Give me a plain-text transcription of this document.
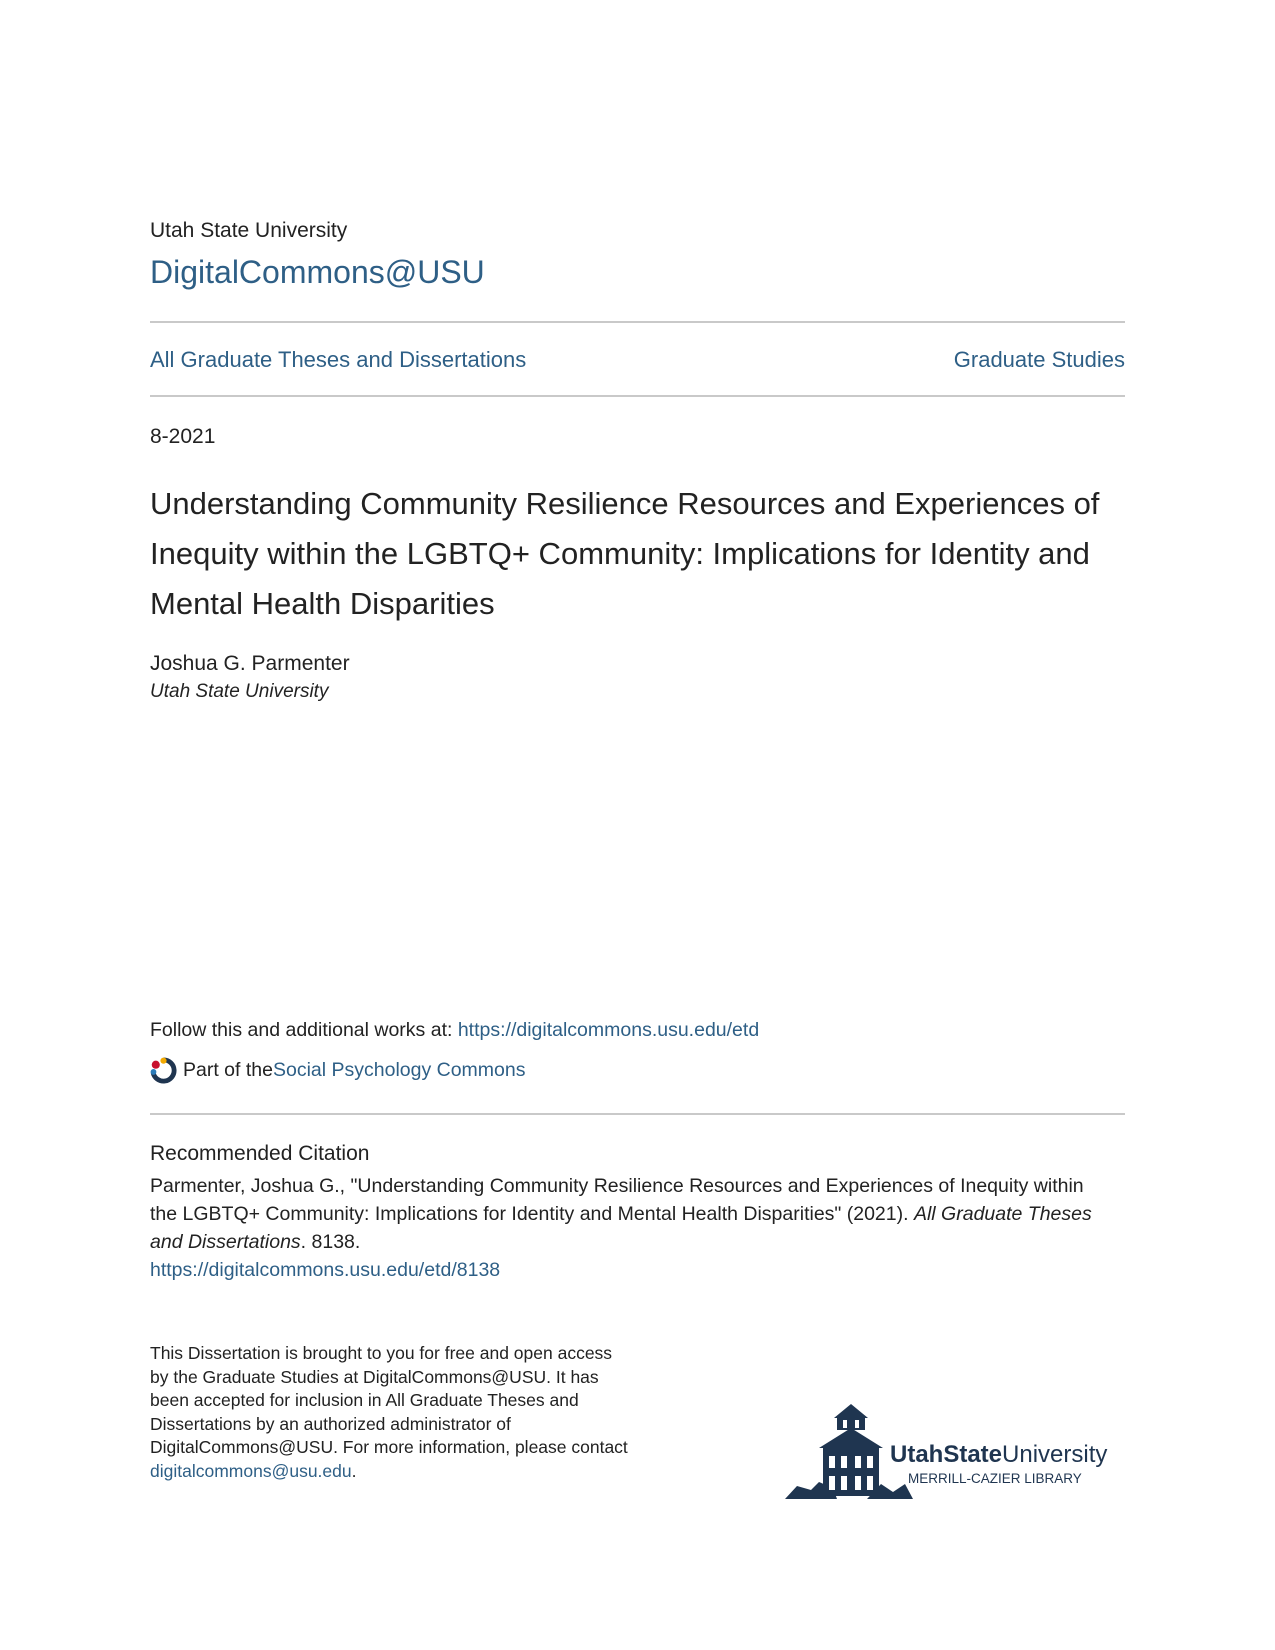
Utah State University
DigitalCommons@USU
All Graduate Theses and Dissertations	Graduate Studies
8-2021
Understanding Community Resilience Resources and Experiences of Inequity within the LGBTQ+ Community: Implications for Identity and Mental Health Disparities
Joshua G. Parmenter
Utah State University
Follow this and additional works at: https://digitalcommons.usu.edu/etd
Part of the Social Psychology Commons
Recommended Citation
Parmenter, Joshua G., "Understanding Community Resilience Resources and Experiences of Inequity within the LGBTQ+ Community: Implications for Identity and Mental Health Disparities" (2021). All Graduate Theses and Dissertations. 8138.
https://digitalcommons.usu.edu/etd/8138
This Dissertation is brought to you for free and open access by the Graduate Studies at DigitalCommons@USU. It has been accepted for inclusion in All Graduate Theses and Dissertations by an authorized administrator of DigitalCommons@USU. For more information, please contact digitalcommons@usu.edu.
UtahStateUniversity
MERRILL-CAZIER LIBRARY
